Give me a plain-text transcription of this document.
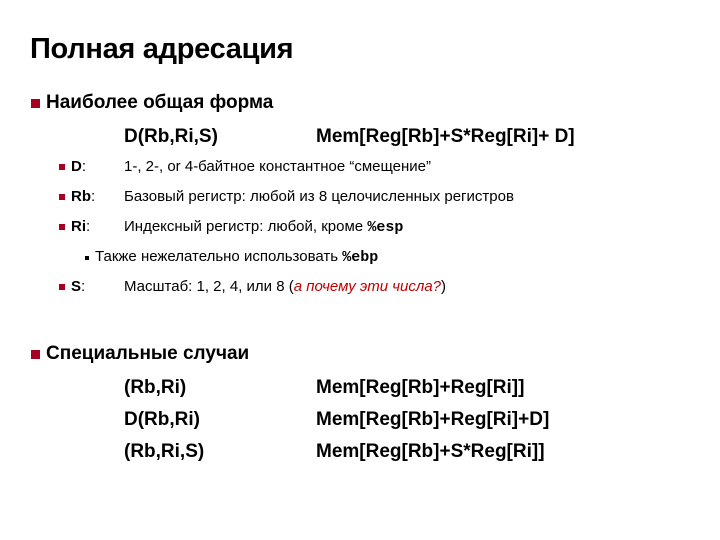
Полная адресация
Наиболее общая форма
D(Rb,Ri,S)	Mem[Reg[Rb]+S*Reg[Ri]+ D]
D:	1-, 2-, or 4-байтное константное “смещение”
Rb: Базовый регистр: любой из 8 целочисленных регистров
Ri: Индексный регистр: любой, кроме %esp
Также нежелательно использовать %ebp
S:	Масштаб: 1, 2, 4, или 8 (а почему эти числа?)
Специальные случаи
(Rb,Ri)	Mem[Reg[Rb]+Reg[Ri]]
D(Rb,Ri)	Mem[Reg[Rb]+Reg[Ri]+D]
(Rb,Ri,S)	Mem[Reg[Rb]+S*Reg[Ri]]
